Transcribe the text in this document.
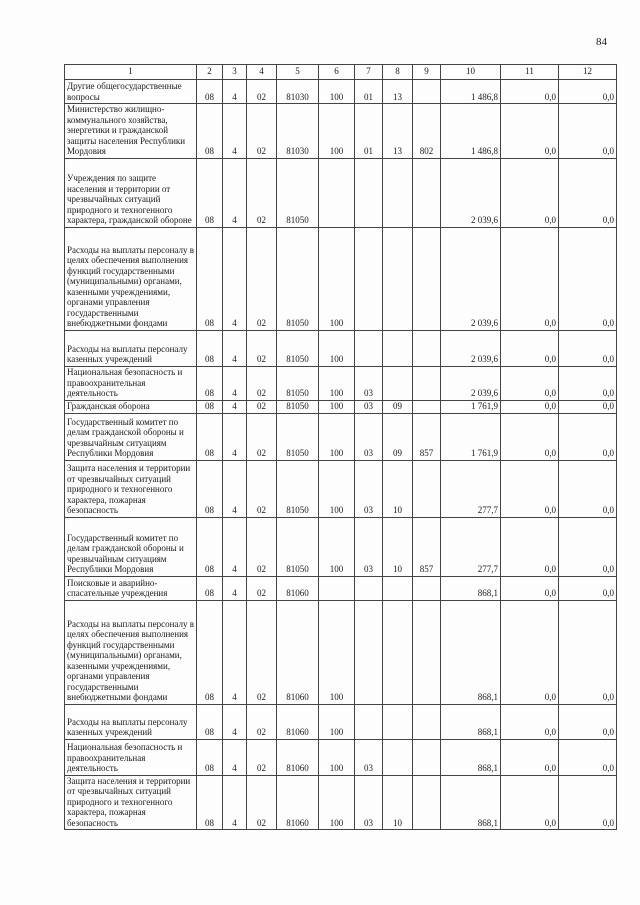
84
1	2	3	4	5	6	7	8	9	10	11	12
Другие общегосударственные вопросы	08	4	02	81030	100	01	13		1 486,8	0,0	0,0
Министерство жилищно-коммунального хозяйства, энергетики и гражданской защиты населения Республики Мордовия	08	4	02	81030	100	01	13	802	1 486,8	0,0	0,0
Учреждения по защите населения и территории от чрезвычайных ситуаций природного и техногенного характера, гражданской обороне	08	4	02	81050					2 039,6	0,0	0,0
Расходы на выплаты персоналу в целях обеспечения выполнения функций государственными (муниципальными) органами, казенными учреждениями, органами управления государственными внебюджетными фондами	08	4	02	81050	100				2 039,6	0,0	0,0
Расходы на выплаты персоналу казенных учреждений	08	4	02	81050	100				2 039,6	0,0	0,0
Национальная безопасность и правоохранительная деятельность	08	4	02	81050	100	03			2 039,6	0,0	0,0
Гражданская оборона	08	4	02	81050	100	03	09		1 761,9	0,0	0,0
Государственный комитет по делам гражданской обороны и чрезвычайным ситуациям Республики Мордовия	08	4	02	81050	100	03	09	857	1 761,9	0,0	0,0
Защита населения и территории от чрезвычайных ситуаций природного и техногенного характера, пожарная безопасность	08	4	02	81050	100	03	10		277,7	0,0	0,0
Государственный комитет по делам гражданской обороны и чрезвычайным ситуациям Республики Мордовия	08	4	02	81050	100	03	10	857	277,7	0,0	0,0
Поисковые и аварийно-спасательные учреждения	08	4	02	81060					868,1	0,0	0,0
Расходы на выплаты персоналу в целях обеспечения выполнения функций государственными (муниципальными) органами, казенными учреждениями, органами управления государственными внебюджетными фондами	08	4	02	81060	100				868,1	0,0	0,0
Расходы на выплаты персоналу казенных учреждений	08	4	02	81060	100				868,1	0,0	0,0
Национальная безопасность и правоохранительная деятельность	08	4	02	81060	100	03			868,1	0,0	0,0
Защита населения и территории от чрезвычайных ситуаций природного и техногенного характера, пожарная безопасность	08	4	02	81060	100	03	10		868,1	0,0	0,0
